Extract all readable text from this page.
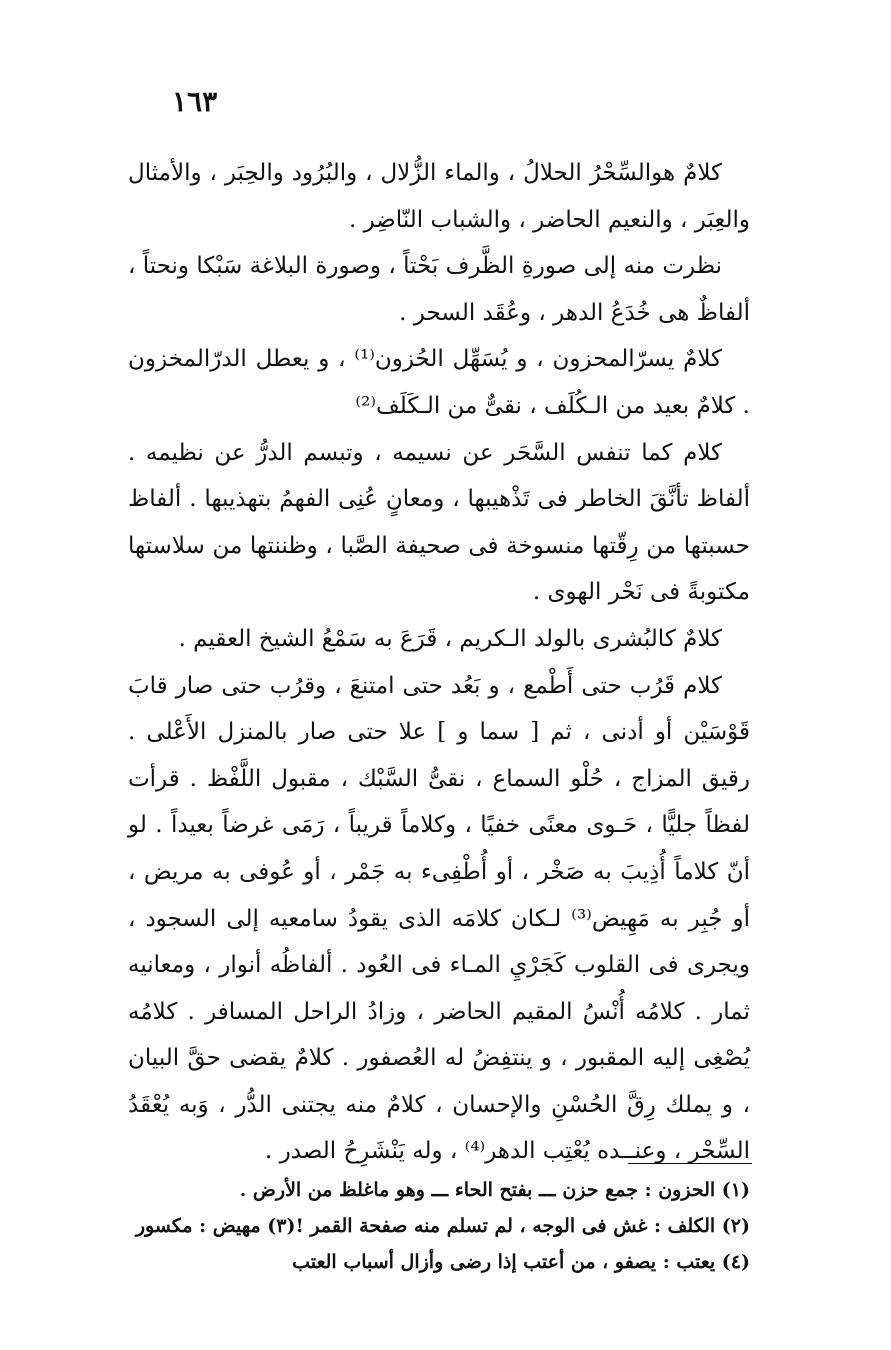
١٦٣

كلامٌ هوالسِّحْرُ الحلالُ ، والماء الزُّلال ، والبُرُود والحِبَر ، والأمثال والعِبَر ، والنعيم الحاضر ، والشباب النّاضِر .

نظرت منه إلى صورةِ الظَّرف بَحْتاً ، وصورة البلاغة سَبْكا ونحتاً ، ألفاظٌ هى خُدَعُ الدهر ، وعُقَد السحر .

كلامٌ يسرّالمحزون ، و يُسَهِّل الحُزون⁽¹⁾ ، و يعطل الدرّالمخزون . كلامٌ بعيد من الـكُلَف ، نقىٌّ من الـكَلَف⁽²⁾

كلام كما تنفس السَّحَر عن نسيمه ، وتبسم الدرُّ عن نظيمه . ألفاظ تأنَّقَ الخاطر فى تَذْهيبها ، ومعانٍ عُنِى الفهمُ بتهذيبها . ألفاظ حسبتها من رِقّتها منسوخة فى صحيفة الصَّبا ، وظننتها من سلاستها مكتوبةً فى نَحْر الهوى .

كلامٌ كالبُشرى بالولد الـكريم ، قَرَعَ به سَمْعُ الشيخ العقيم .

كلام قَرُب حتى أَطْمع ، و بَعُد حتى امتنعَ ، وقرُب حتى صار قابَ قَوْسَيْن أو أدنى ، ثم [ سما و ] علا حتى صار بالمنزل الأَعْلى . رقيق المزاج ، حُلْو السماع ، نقىُّ السَّبْك ، مقبول اللَّفْظ . قرأت لفظاً جليًّا ، حَـوى معنًى خفيًا ، وكلاماً قريباً ، رَمَى غرضاً بعيداً . لو أنّ كلاماً أُذِيبَ به صَخْر ، أو أُطْفِىء به جَمْر ، أو عُوفى به مريض ، أو جُبِر به مَهِيض⁽³⁾ لـكان كلامَه الذى يقودُ سامعيه إلى السجود ، ويجرى فى القلوب كَجَرْيِ المـاء فى العُود . ألفاظُه أنوار ، ومعانيه ثمار . كلامُه أُنْسُ المقيم الحاضر ، وزادُ الراحل المسافر . كلامُه يُصْغِى إليه المقبور ، و ينتفِضُ له العُصفور . كلامٌ يقضى حقَّ البيان ، و يملك رِقَّ الحُسْنِ والإحسان ، كلامٌ منه يجتنى الدُّر ، وَبه يُعْقَدُ السِّحْر ، وعنــده يُعْتِب الدهر⁽⁴⁾ ، وله يَنْشَرِحُ الصدر .

(١) الحزون : جمع حزن ـــ بفتح الحاء ـــ وهو ماغلظ من الأرض .

(٢) الكلف : غش فى الوجه ، لم تسلم منه صفحة القمر !(٣) مهيض : مكسور

(٤) يعتب : يصفو ، من أعتب إذا رضى وأزال أسباب العتب
